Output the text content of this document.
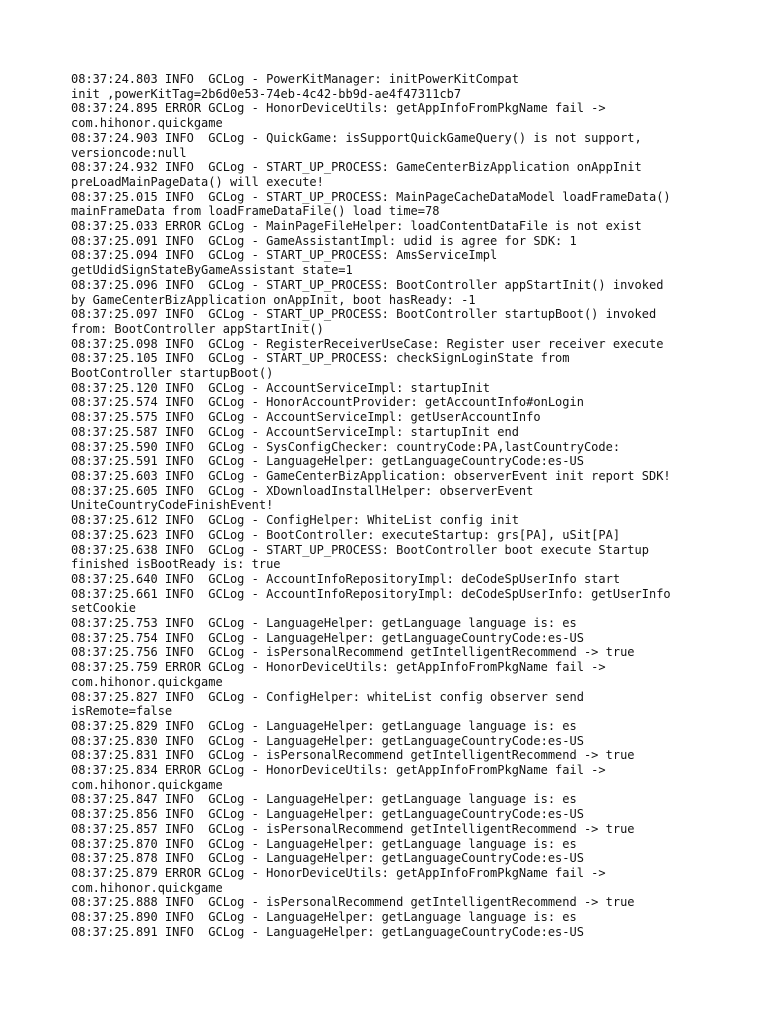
08:37:24.803 INFO  GCLog - PowerKitManager: initPowerKitCompat
init ,powerKitTag=2b6d0e53-74eb-4c42-bb9d-ae4f47311cb7
08:37:24.895 ERROR GCLog - HonorDeviceUtils: getAppInfoFromPkgName fail ->
com.hihonor.quickgame
08:37:24.903 INFO  GCLog - QuickGame: isSupportQuickGameQuery() is not support,
versioncode:null
08:37:24.932 INFO  GCLog - START_UP_PROCESS: GameCenterBizApplication onAppInit
preLoadMainPageData() will execute!
08:37:25.015 INFO  GCLog - START_UP_PROCESS: MainPageCacheDataModel loadFrameData()
mainFrameData from loadFrameDataFile() load time=78
08:37:25.033 ERROR GCLog - MainPageFileHelper: loadContentDataFile is not exist
08:37:25.091 INFO  GCLog - GameAssistantImpl: udid is agree for SDK: 1
08:37:25.094 INFO  GCLog - START_UP_PROCESS: AmsServiceImpl
getUdidSignStateByGameAssistant state=1
08:37:25.096 INFO  GCLog - START_UP_PROCESS: BootController appStartInit() invoked
by GameCenterBizApplication onAppInit, boot hasReady: -1
08:37:25.097 INFO  GCLog - START_UP_PROCESS: BootController startupBoot() invoked
from: BootController appStartInit()
08:37:25.098 INFO  GCLog - RegisterReceiverUseCase: Register user receiver execute
08:37:25.105 INFO  GCLog - START_UP_PROCESS: checkSignLoginState from
BootController startupBoot()
08:37:25.120 INFO  GCLog - AccountServiceImpl: startupInit
08:37:25.574 INFO  GCLog - HonorAccountProvider: getAccountInfo#onLogin
08:37:25.575 INFO  GCLog - AccountServiceImpl: getUserAccountInfo
08:37:25.587 INFO  GCLog - AccountServiceImpl: startupInit end
08:37:25.590 INFO  GCLog - SysConfigChecker: countryCode:PA,lastCountryCode:
08:37:25.591 INFO  GCLog - LanguageHelper: getLanguageCountryCode:es-US
08:37:25.603 INFO  GCLog - GameCenterBizApplication: observerEvent init report SDK!
08:37:25.605 INFO  GCLog - XDownloadInstallHelper: observerEvent
UniteCountryCodeFinishEvent!
08:37:25.612 INFO  GCLog - ConfigHelper: WhiteList config init
08:37:25.623 INFO  GCLog - BootController: executeStartup: grs[PA], uSit[PA]
08:37:25.638 INFO  GCLog - START_UP_PROCESS: BootController boot execute Startup
finished isBootReady is: true
08:37:25.640 INFO  GCLog - AccountInfoRepositoryImpl: deCodeSpUserInfo start
08:37:25.661 INFO  GCLog - AccountInfoRepositoryImpl: deCodeSpUserInfo: getUserInfo
setCookie
08:37:25.753 INFO  GCLog - LanguageHelper: getLanguage language is: es
08:37:25.754 INFO  GCLog - LanguageHelper: getLanguageCountryCode:es-US
08:37:25.756 INFO  GCLog - isPersonalRecommend getIntelligentRecommend -> true
08:37:25.759 ERROR GCLog - HonorDeviceUtils: getAppInfoFromPkgName fail ->
com.hihonor.quickgame
08:37:25.827 INFO  GCLog - ConfigHelper: whiteList config observer send
isRemote=false
08:37:25.829 INFO  GCLog - LanguageHelper: getLanguage language is: es
08:37:25.830 INFO  GCLog - LanguageHelper: getLanguageCountryCode:es-US
08:37:25.831 INFO  GCLog - isPersonalRecommend getIntelligentRecommend -> true
08:37:25.834 ERROR GCLog - HonorDeviceUtils: getAppInfoFromPkgName fail ->
com.hihonor.quickgame
08:37:25.847 INFO  GCLog - LanguageHelper: getLanguage language is: es
08:37:25.856 INFO  GCLog - LanguageHelper: getLanguageCountryCode:es-US
08:37:25.857 INFO  GCLog - isPersonalRecommend getIntelligentRecommend -> true
08:37:25.870 INFO  GCLog - LanguageHelper: getLanguage language is: es
08:37:25.878 INFO  GCLog - LanguageHelper: getLanguageCountryCode:es-US
08:37:25.879 ERROR GCLog - HonorDeviceUtils: getAppInfoFromPkgName fail ->
com.hihonor.quickgame
08:37:25.888 INFO  GCLog - isPersonalRecommend getIntelligentRecommend -> true
08:37:25.890 INFO  GCLog - LanguageHelper: getLanguage language is: es
08:37:25.891 INFO  GCLog - LanguageHelper: getLanguageCountryCode:es-US
